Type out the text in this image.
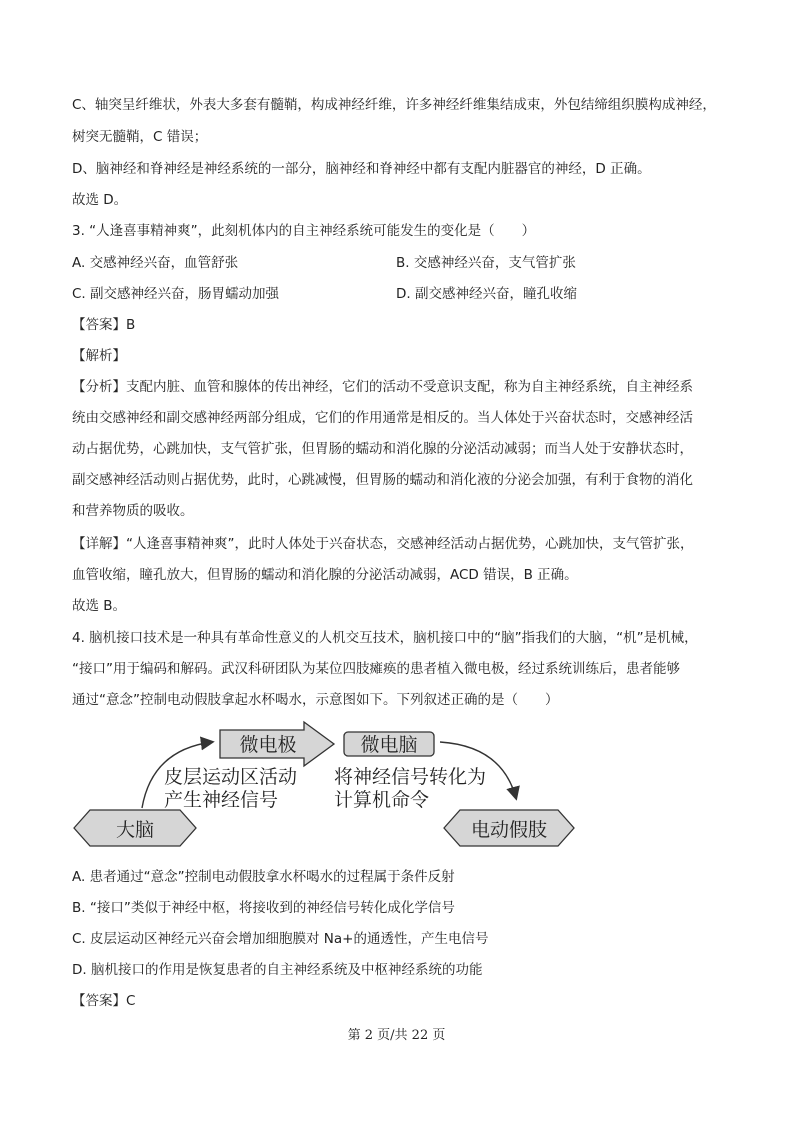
C、轴突呈纤维状，外表大多套有髓鞘，构成神经纤维，许多神经纤维集结成束，外包结缔组织膜构成神经，
树突无髓鞘，C 错误；
D、脑神经和脊神经是神经系统的一部分，脑神经和脊神经中都有支配内脏器官的神经，D 正确。
故选 D。
3. “人逢喜事精神爽”，此刻机体内的自主神经系统可能发生的变化是（　　）
A. 交感神经兴奋，血管舒张	B. 交感神经兴奋，支气管扩张
C. 副交感神经兴奋，肠胃蠕动加强	D. 副交感神经兴奋，瞳孔收缩
【答案】B
【解析】
【分析】支配内脏、血管和腺体的传出神经，它们的活动不受意识支配，称为自主神经系统，自主神经系
统由交感神经和副交感神经两部分组成，它们的作用通常是相反的。当人体处于兴奋状态时，交感神经活
动占据优势，心跳加快，支气管扩张，但胃肠的蠕动和消化腺的分泌活动减弱；而当人处于安静状态时，
副交感神经活动则占据优势，此时，心跳减慢，但胃肠的蠕动和消化液的分泌会加强，有利于食物的消化
和营养物质的吸收。
【详解】“人逢喜事精神爽”，此时人体处于兴奋状态，交感神经活动占据优势，心跳加快，支气管扩张，
血管收缩，瞳孔放大，但胃肠的蠕动和消化腺的分泌活动减弱，ACD 错误，B 正确。
故选 B。
4. 脑机接口技术是一种具有革命性意义的人机交互技术，脑机接口中的“脑”指我们的大脑，“机”是机械，
“接口”用于编码和解码。武汉科研团队为某位四肢瘫痪的患者植入微电极，经过系统训练后，患者能够
通过“意念”控制电动假肢拿起水杯喝水，示意图如下。下列叙述正确的是（　　）
大脑
微电极	微电脑
电动假肢
皮层运动区活动
产生神经信号
将神经信号转化为
计算机命令
A. 患者通过“意念”控制电动假肢拿水杯喝水的过程属于条件反射
B. “接口”类似于神经中枢，将接收到的神经信号转化成化学信号
C. 皮层运动区神经元兴奋会增加细胞膜对 Na+的通透性，产生电信号
D. 脑机接口的作用是恢复患者的自主神经系统及中枢神经系统的功能
【答案】C
第 2 页/共 22 页
